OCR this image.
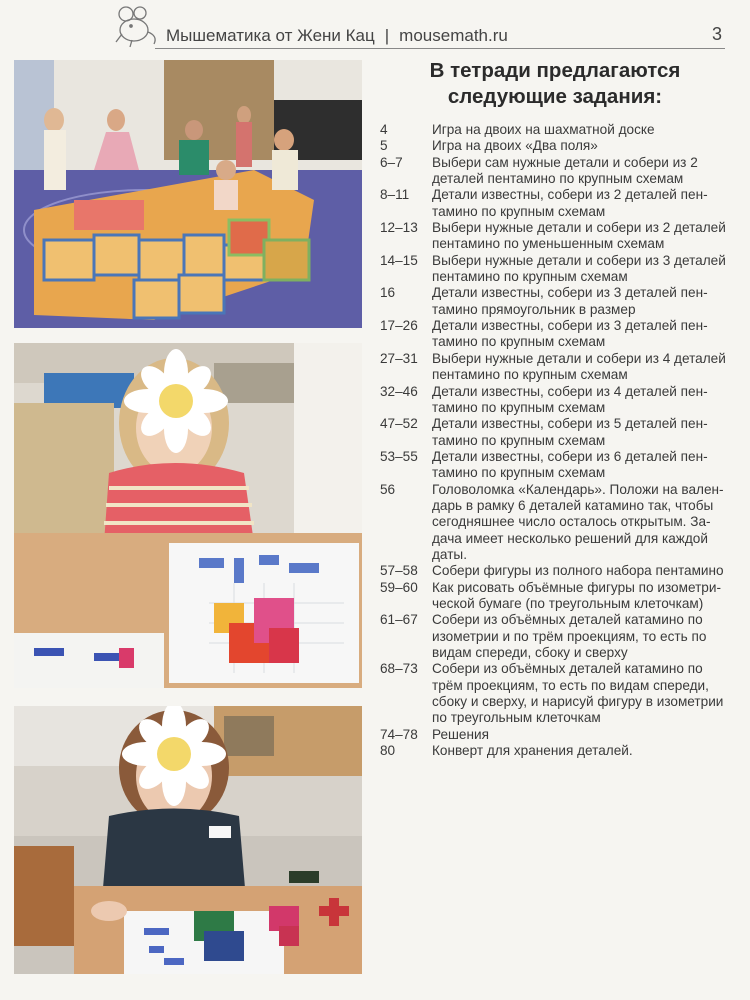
Мышематика от Жени Кац | mousemath.ru	3
В тетради предлагаются
следующие задания:
4	Игра на двоих на шахматной доске
5	Игра на двоих «Два поля»
6–7	Выбери сам нужные детали и собери из 2
деталей пентамино по крупным схемам
8–11	Детали известны, собери из 2 деталей пен-
тамино по крупным схемам
12–13	Выбери нужные детали и собери из 2 деталей
пентамино по уменьшенным схемам
14–15	Выбери нужные детали и собери из 3 деталей
пентамино по крупным схемам
16	Детали известны, собери из 3 деталей пен-
тамино прямоугольник в размер
17–26	Детали известны, собери из 3 деталей пен-
тамино по крупным схемам
27–31	Выбери нужные детали и собери из 4 деталей
пентамино по крупным схемам
32–46	Детали известны, собери из 4 деталей пен-
тамино по крупным схемам
47–52	Детали известны, собери из 5 деталей пен-
тамино по крупным схемам
53–55	Детали известны, собери из 6 деталей пен-
тамино по крупным схемам
56	Головоломка «Календарь». Положи на вален-
дарь в рамку 6 деталей катамино так, чтобы
сегодняшнее число осталось открытым. За-
дача имеет несколько решений для каждой
даты.
57–58	Собери фигуры из полного набора пентамино
59–60	Как рисовать объёмные фигуры по изометри-
ческой бумаге (по треугольным клеточкам)
61–67	Собери из объёмных деталей катамино по
изометрии и по трём проекциям, то есть по
видам спереди, сбоку и сверху
68–73	Собери из объёмных деталей катамино по
трём проекциям, то есть по видам спереди,
сбоку и сверху, и нарисуй фигуру в изометрии
по треугольным клеточкам
74–78	Решения
80	Конверт для хранения деталей.
